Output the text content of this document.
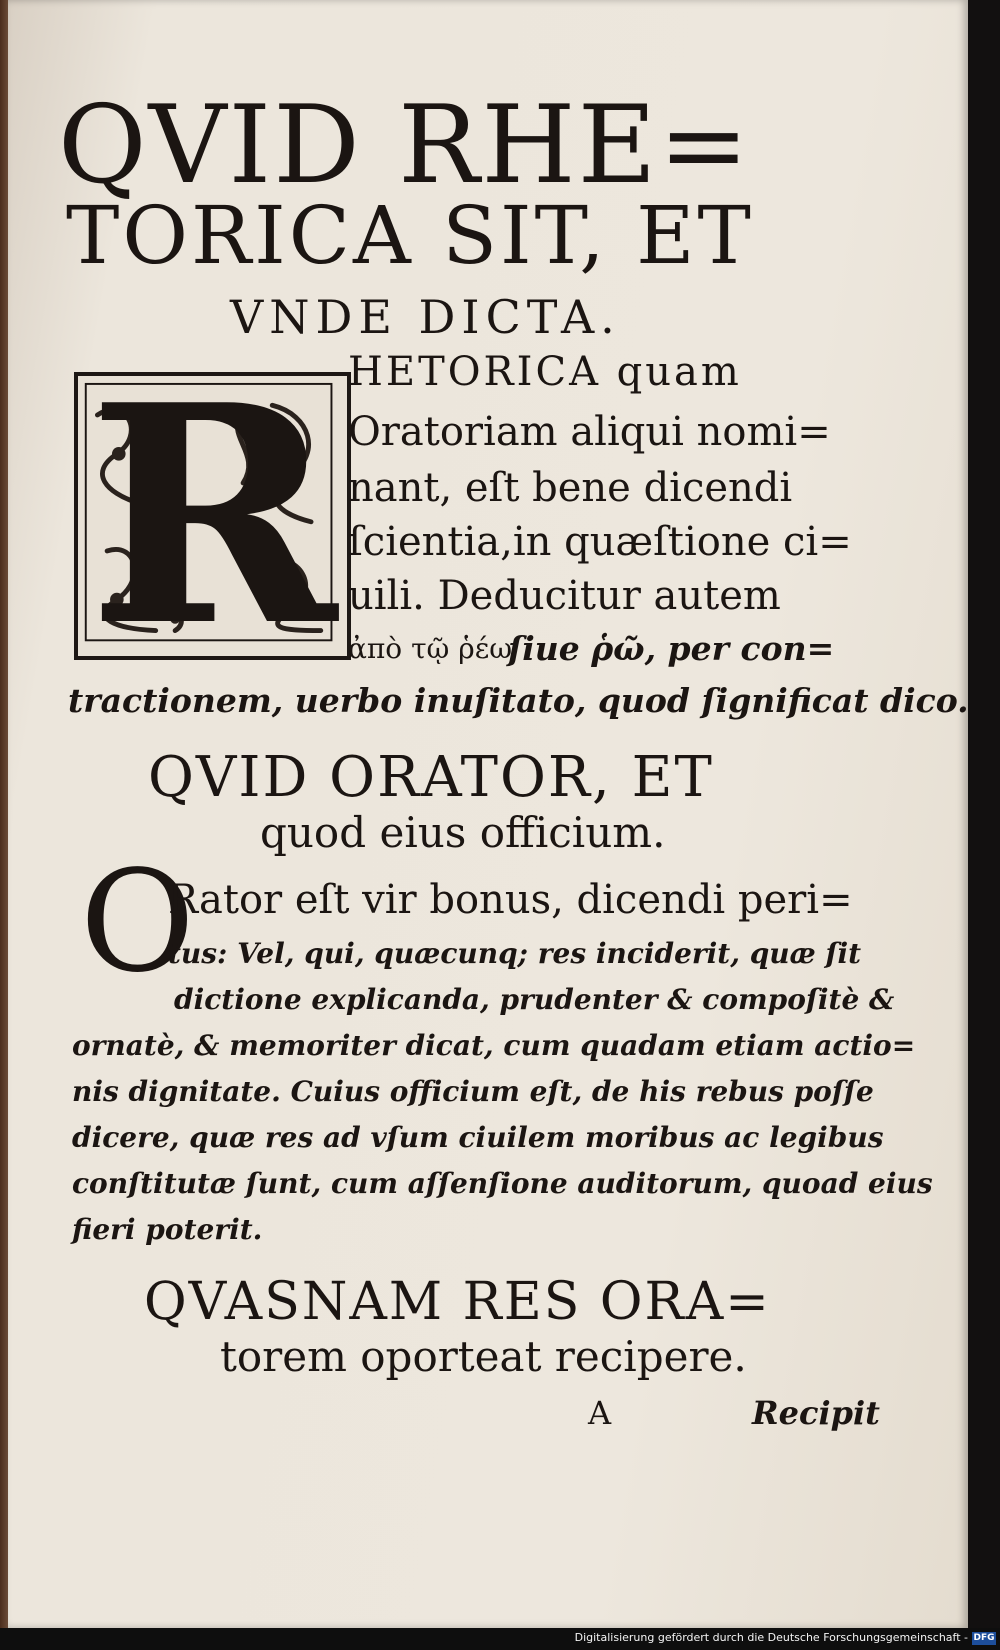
QVID RHE=
TORICA SIT, ET
VNDE DICTA.
R HETORICA quam
Oratoriam aliqui nomi=
nant, eſt bene dicendi
ſcientia,in quæſtione ci=
uili. Deducitur autem
ἀπὸ τῷ ῥέω
ſiue ῥῶ, per con=
tractionem, uerbo inuſitato, quod ſignificat dico.
QVID ORATOR, ET
quod eius officium.
O
Rator eſt vir bonus, dicendi peri=
tus: Vel, qui, quæcunq; res inciderit, quæ ſit
dictione explicanda, prudenter & compoſitè &
ornatè, & memoriter dicat, cum quadam etiam actio=
nis dignitate. Cuius officium eſt, de his rebus poſſe
dicere, quæ res ad vſum ciuilem moribus ac legibus
conſtitutæ ſunt, cum aſſenſione auditorum, quoad eius
fieri poterit.
QVASNAM RES ORA=
torem oporteat recipere.
A	Recipit
Digitalisierung gefördert durch die Deutsche Forschungsgemeinschaft - DFG
